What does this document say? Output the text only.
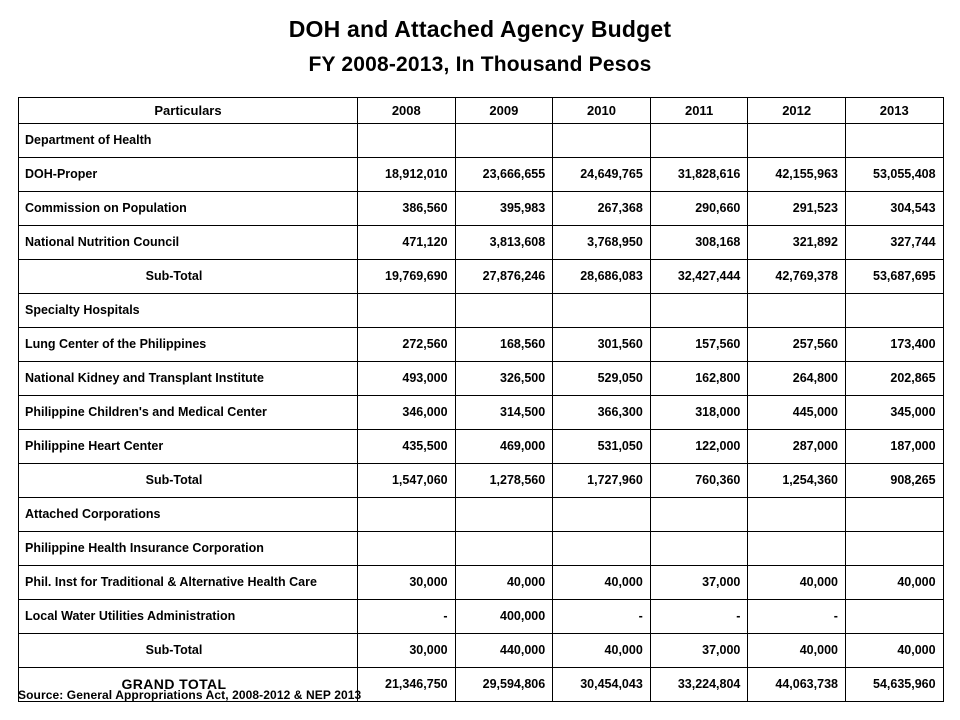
DOH and Attached Agency Budget
FY 2008-2013, In Thousand Pesos
Particulars	2008	2009	2010	2011	2012	2013
Department of Health						
DOH-Proper	18,912,010	23,666,655	24,649,765	31,828,616	42,155,963	53,055,408
Commission on Population	386,560	395,983	267,368	290,660	291,523	304,543
National Nutrition Council	471,120	3,813,608	3,768,950	308,168	321,892	327,744
Sub-Total	19,769,690	27,876,246	28,686,083	32,427,444	42,769,378	53,687,695
Specialty Hospitals						
Lung Center of the Philippines	272,560	168,560	301,560	157,560	257,560	173,400
National Kidney and Transplant Institute	493,000	326,500	529,050	162,800	264,800	202,865
Philippine Children's and Medical Center	346,000	314,500	366,300	318,000	445,000	345,000
Philippine Heart Center	435,500	469,000	531,050	122,000	287,000	187,000
Sub-Total	1,547,060	1,278,560	1,727,960	760,360	1,254,360	908,265
Attached Corporations						
Philippine Health Insurance Corporation						
Phil. Inst for Traditional & Alternative Health Care	30,000	40,000	40,000	37,000	40,000	40,000
Local Water Utilities Administration	-	400,000	-	-	-	
Sub-Total	30,000	440,000	40,000	37,000	40,000	40,000
GRAND TOTAL	21,346,750	29,594,806	30,454,043	33,224,804	44,063,738	54,635,960
Source: General Appropriations Act, 2008-2012 & NEP 2013
